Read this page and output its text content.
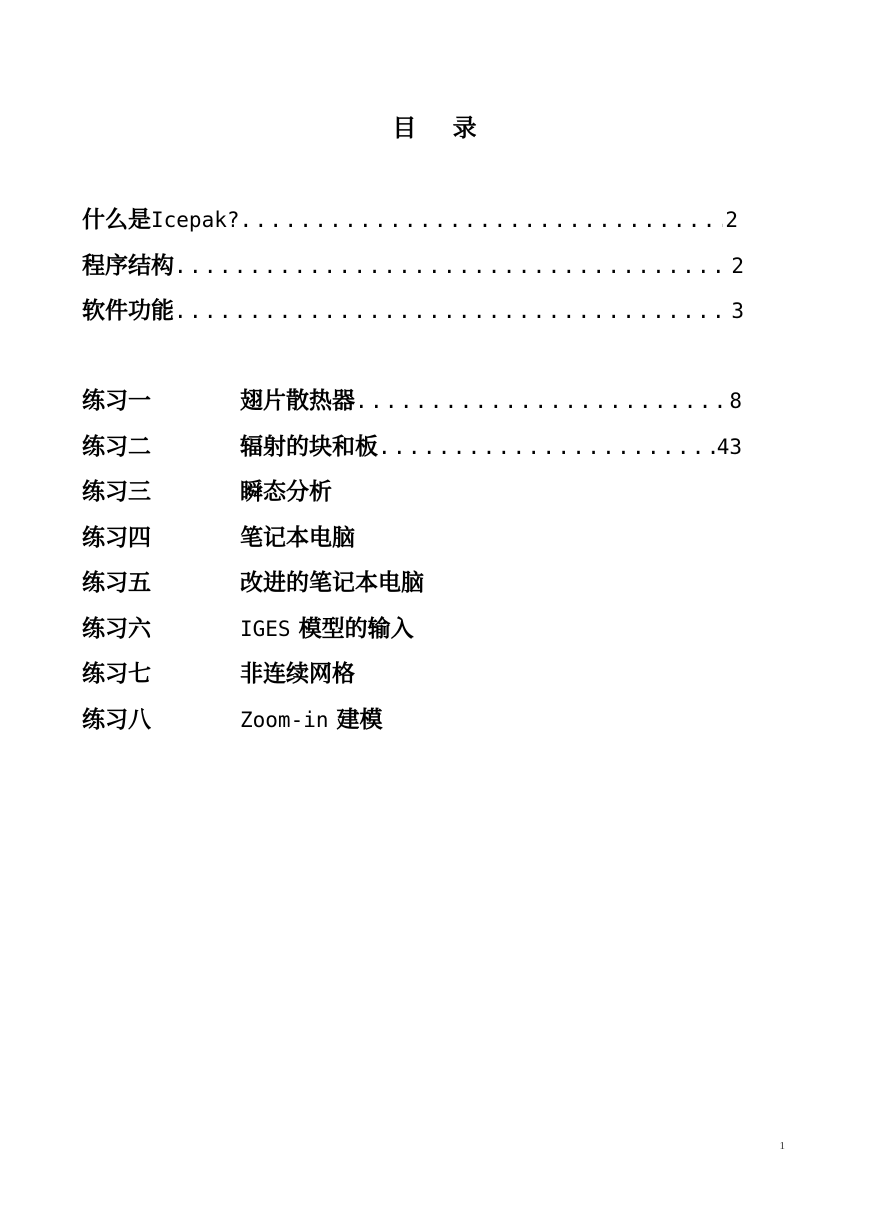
目 录
什么是Icepak? .....	2
程序结构 .....	2
软件功能 .....	3
练习一	翅片散热器 .....	8
练习二	辐射的块和板 .....	43
练习三	瞬态分析
练习四	笔记本电脑
练习五	改进的笔记本电脑
练习六	IGES 模型的输入
练习七	非连续网格
练习八	Zoom-in 建模
1
